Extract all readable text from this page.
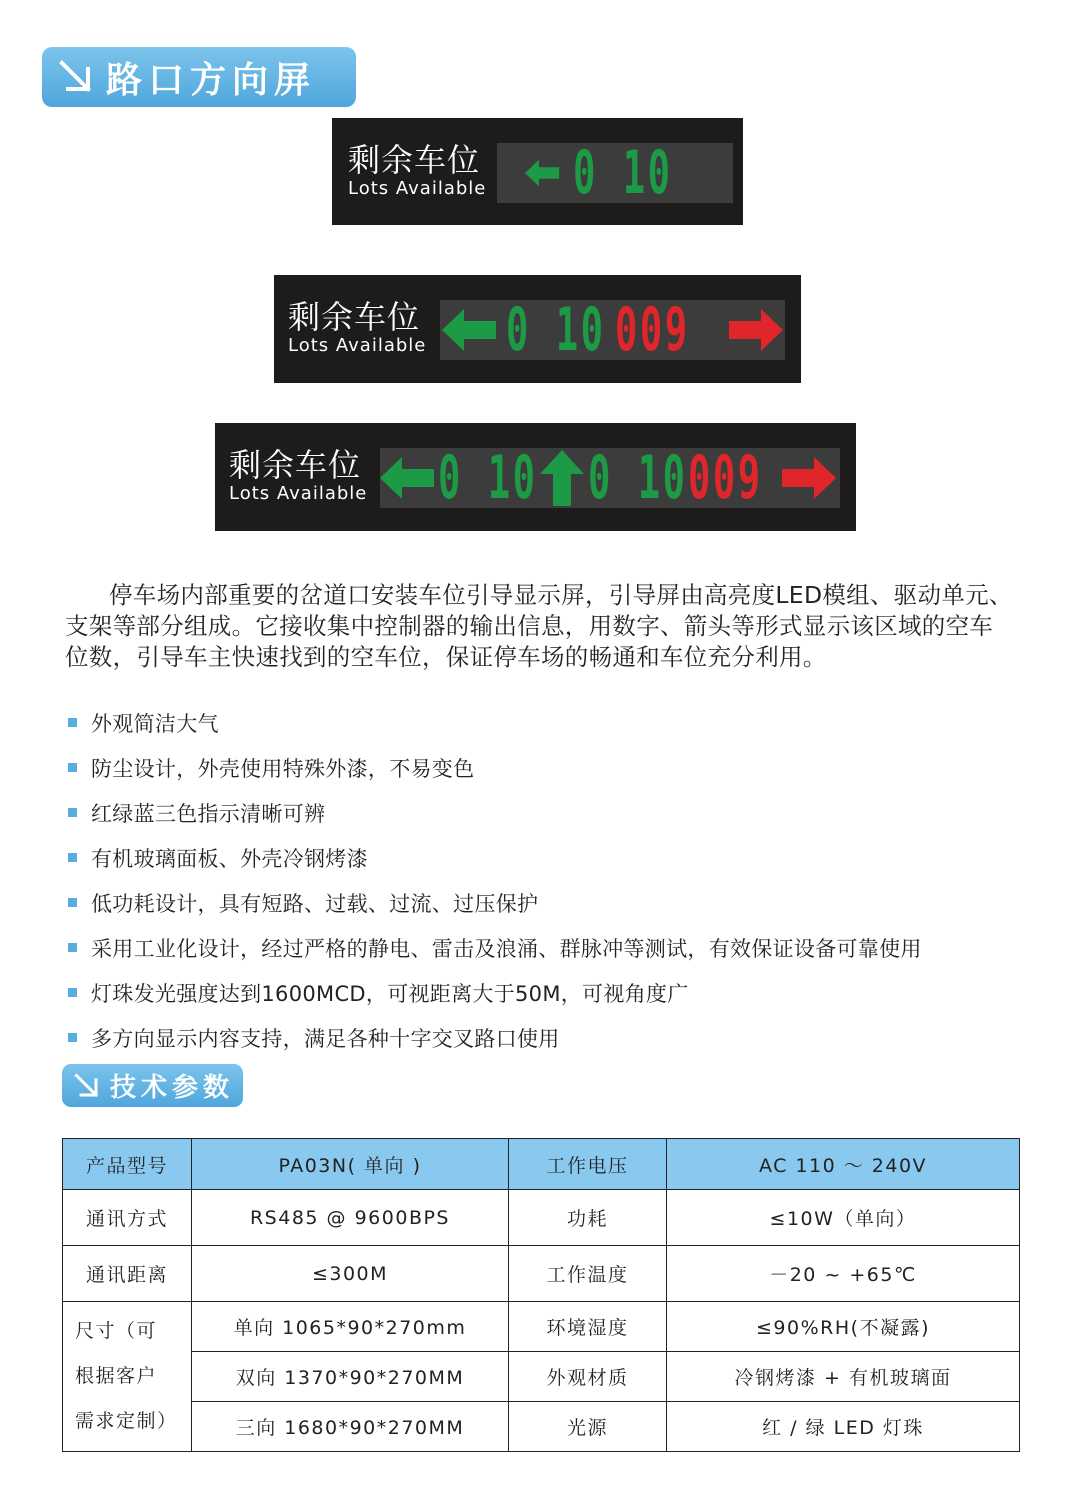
路口方向屏
剩余车位
Lots Available 0 10
剩余车位
Lots Available 0 10 009
剩余车位
Lots Available 0 10 0 10 009

停车场内部重要的岔道口安装车位引导显示屏，引导屏由高亮度LED模组、驱动单元、支架等部分组成。它接收集中控制器的输出信息，用数字、箭头等形式显示该区域的空车位数，引导车主快速找到的空车位，保证停车场的畅通和车位充分利用。

外观简洁大气
防尘设计，外壳使用特殊外漆，不易变色
红绿蓝三色指示清晰可辨
有机玻璃面板、外壳冷钢烤漆
低功耗设计，具有短路、过载、过流、过压保护
采用工业化设计，经过严格的静电、雷击及浪涌、群脉冲等测试，有效保证设备可靠使用
灯珠发光强度达到1600MCD，可视距离大于50M，可视角度广
多方向显示内容支持，满足各种十字交叉路口使用
技术参数
产品型号	PA03N( 单向 )	工作电压	AC 110 ～ 240V
通讯方式	RS485 @ 9600BPS	功耗	≤10W（单向）
通讯距离	≤300M	工作温度	－20 ~ +65℃

尺寸（可
根据客户
需求定制）	单向 1065*90*270mm	环境湿度	≤90%RH(不凝露)
	双向 1370*90*270MM	外观材质	冷钢烤漆 + 有机玻璃面
	三向 1680*90*270MM	光源	红 / 绿 LED 灯珠
